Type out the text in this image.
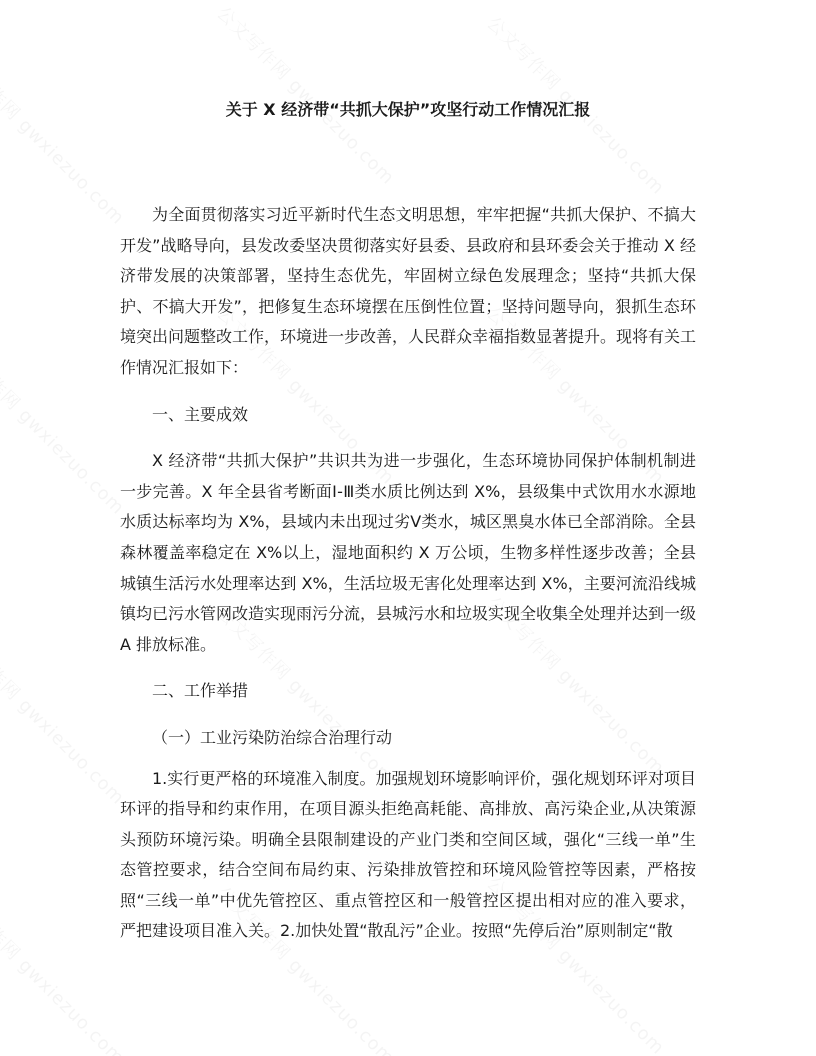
关于 X 经济带“共抓大保护”攻坚行动工作情况汇报

为全面贯彻落实习近平新时代生态文明思想，牢牢把握“共抓大保护、不搞大开发”战略导向，县发改委坚决贯彻落实好县委、县政府和县环委会关于推动 X 经济带发展的决策部署，坚持生态优先，牢固树立绿色发展理念；坚持“共抓大保护、不搞大开发”，把修复生态环境摆在压倒性位置；坚持问题导向，狠抓生态环境突出问题整改工作，环境进一步改善，人民群众幸福指数显著提升。现将有关工作情况汇报如下：

一、主要成效

X 经济带“共抓大保护”共识共为进一步强化，生态环境协同保护体制机制进一步完善。X 年全县省考断面Ⅰ-Ⅲ类水质比例达到 X%，县级集中式饮用水水源地水质达标率均为 X%，县域内未出现过劣Ⅴ类水，城区黑臭水体已全部消除。全县森林覆盖率稳定在 X%以上，湿地面积约 X 万公顷，生物多样性逐步改善；全县城镇生活污水处理率达到 X%，生活垃圾无害化处理率达到 X%，主要河流沿线城镇均已污水管网改造实现雨污分流，县城污水和垃圾实现全收集全处理并达到一级 A 排放标准。

二、工作举措

（一）工业污染防治综合治理行动

1.实行更严格的环境准入制度。加强规划环境影响评价，强化规划环评对项目环评的指导和约束作用，在项目源头拒绝高耗能、高排放、高污染企业,从决策源头预防环境污染。明确全县限制建设的产业门类和空间区域，强化“三线一单”生态管控要求，结合空间布局约束、污染排放管控和环境风险管控等因素，严格按照“三线一单”中优先管控区、重点管控区和一般管控区提出相对应的准入要求，严把建设项目准入关。2.加快处置“散乱污”企业。按照“先停后治”原则制定“散
